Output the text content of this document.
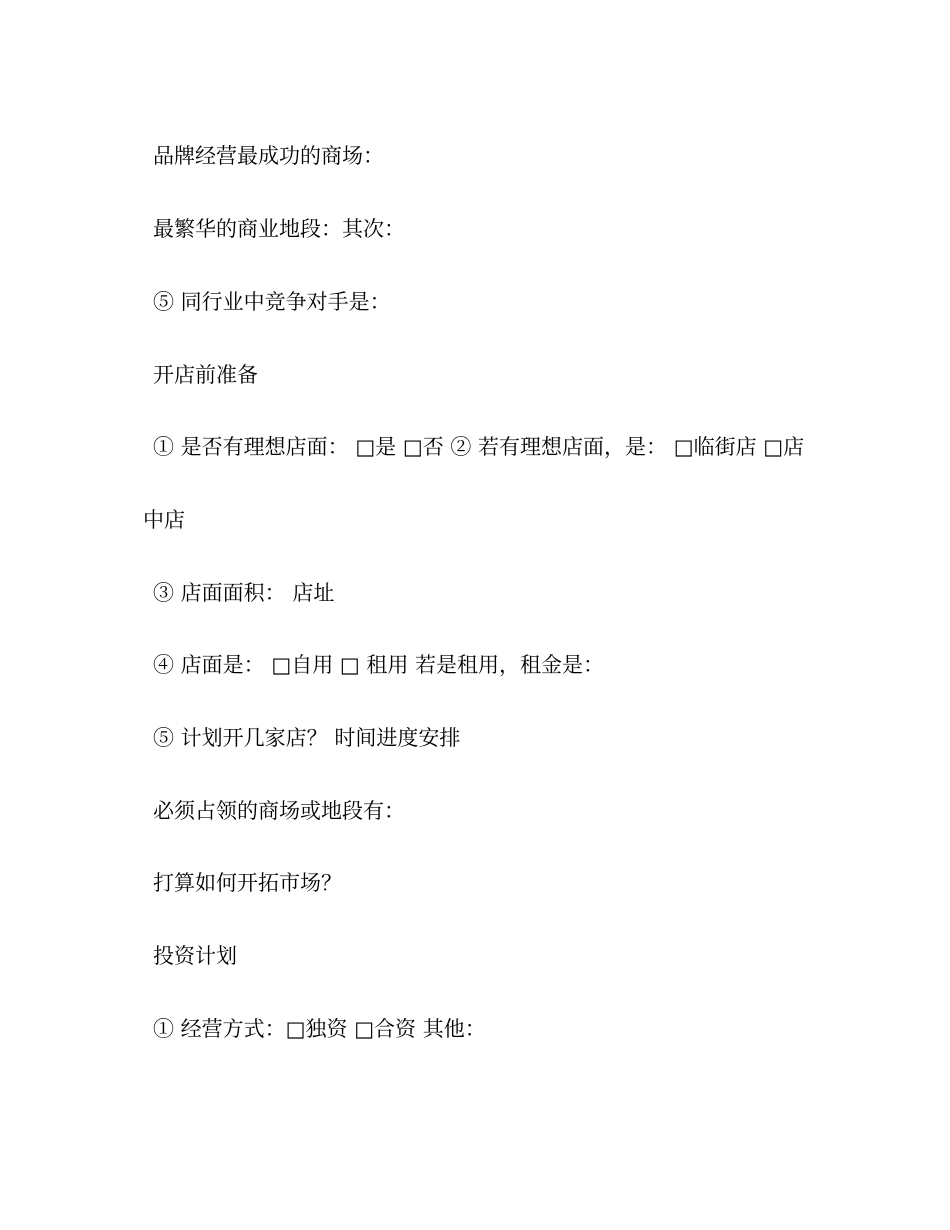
品牌经营最成功的商场：
最繁华的商业地段：其次：
⑤ 同行业中竞争对手是：
开店前准备
① 是否有理想店面： □是 □否 ② 若有理想店面，是： □临街店 □店
中店
③ 店面面积： 店址
④ 店面是： □自用 □ 租用 若是租用，租金是：
⑤ 计划开几家店？ 时间进度安排
必须占领的商场或地段有：
打算如何开拓市场？
投资计划
① 经营方式：□独资 □合资 其他：
